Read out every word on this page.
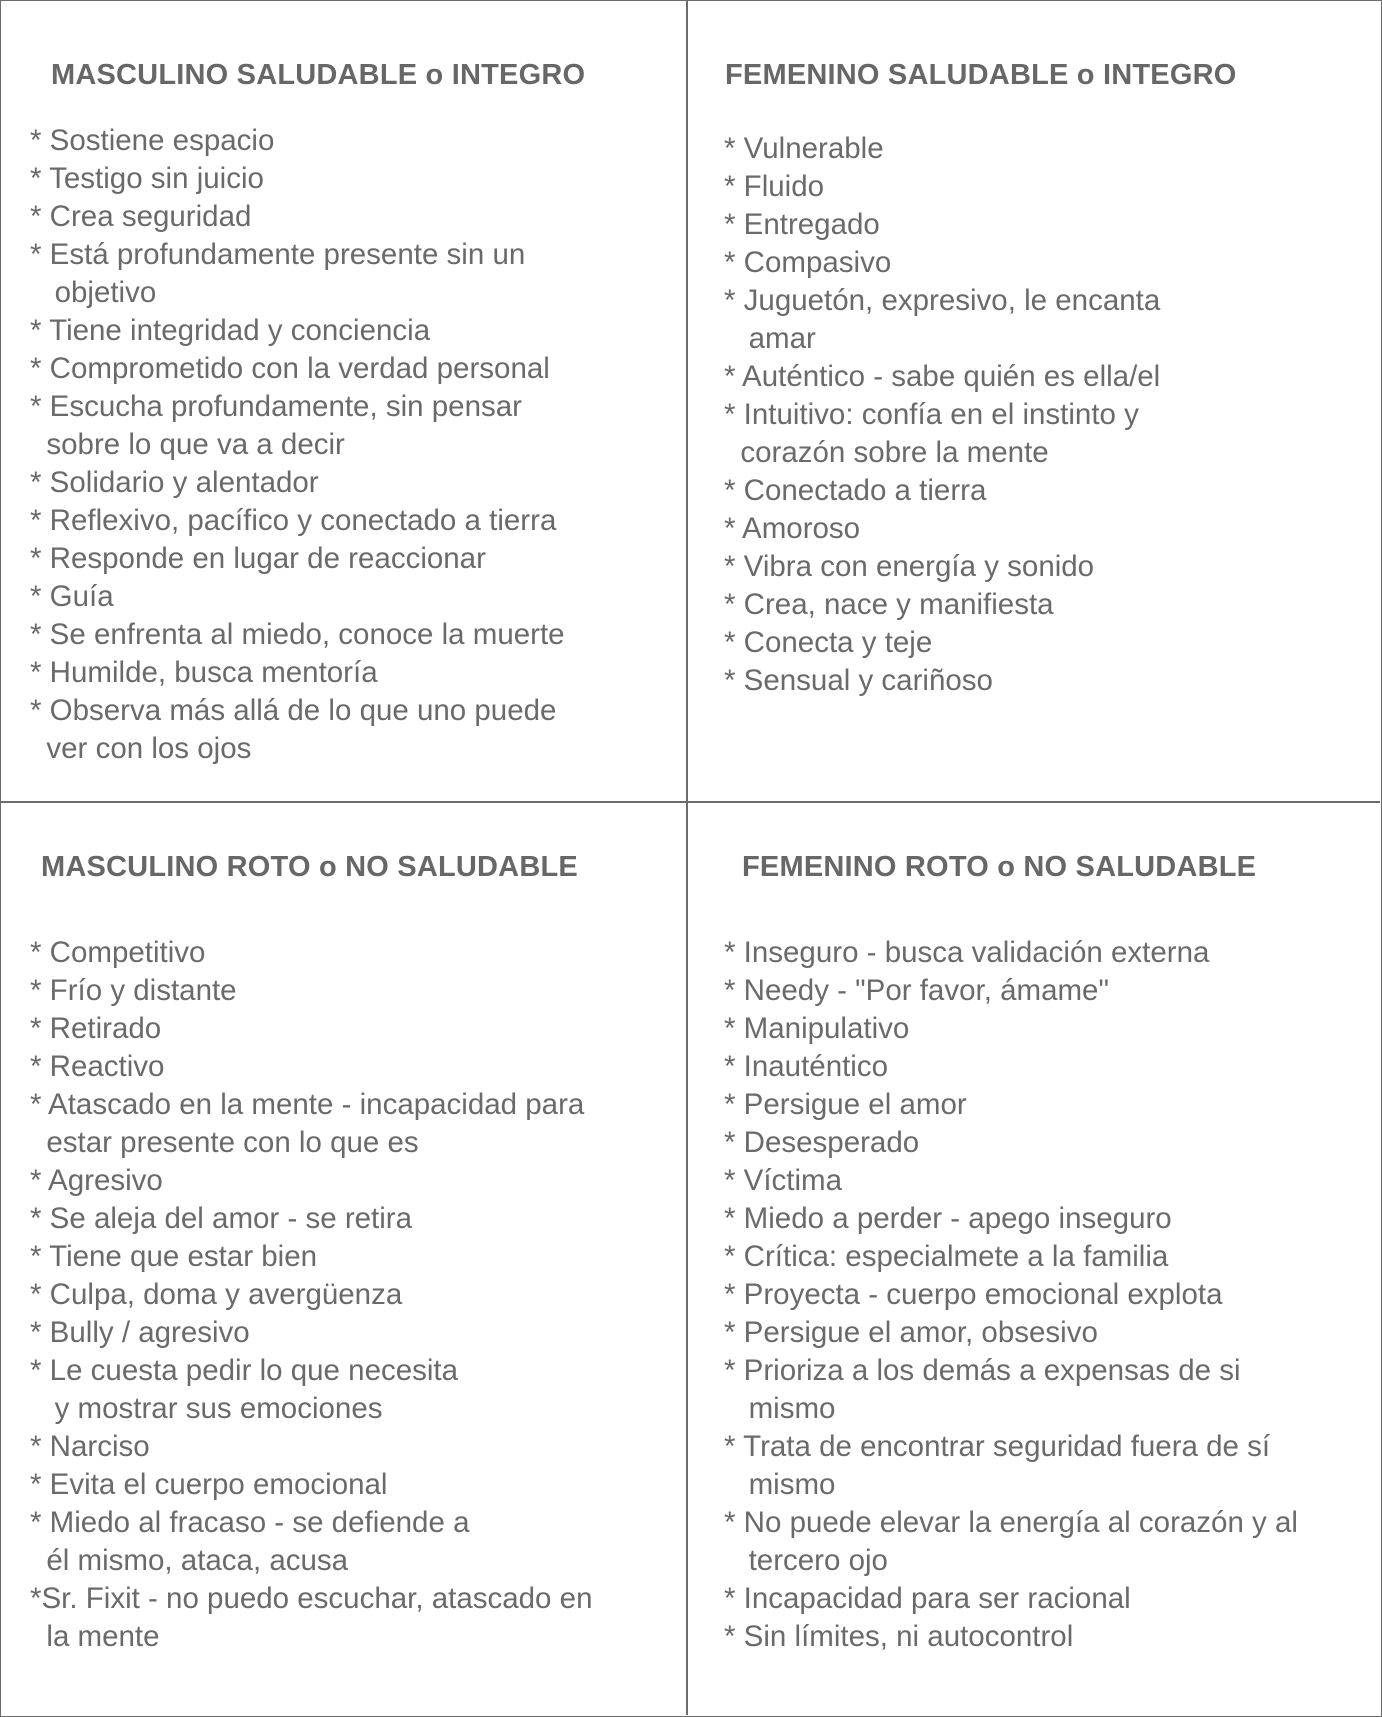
MASCULINO SALUDABLE o INTEGRO
* Sostiene espacio
* Testigo sin juicio
* Crea seguridad
* Está profundamente presente sin un
objetivo
* Tiene integridad y conciencia
* Comprometido con la verdad personal
* Escucha profundamente, sin pensar
sobre lo que va a decir
* Solidario y alentador
* Reflexivo, pacífico y conectado a tierra
* Responde en lugar de reaccionar
* Guía
* Se enfrenta al miedo, conoce la muerte
* Humilde, busca mentoría
* Observa más allá de lo que uno puede
ver con los ojos
FEMENINO SALUDABLE o INTEGRO
* Vulnerable
* Fluido
* Entregado
* Compasivo
* Juguetón, expresivo, le encanta
amar
* Auténtico - sabe quién es ella/el
* Intuitivo: confía en el instinto y
corazón sobre la mente
* Conectado a tierra
* Amoroso
* Vibra con energía y sonido
* Crea, nace y manifiesta
* Conecta y teje
* Sensual y cariñoso
MASCULINO ROTO o NO SALUDABLE
* Competitivo
* Frío y distante
* Retirado
* Reactivo
* Atascado en la mente - incapacidad para
estar presente con lo que es
* Agresivo
* Se aleja del amor - se retira
* Tiene que estar bien
* Culpa, doma y avergüenza
* Bully / agresivo
* Le cuesta pedir lo que necesita
y mostrar sus emociones
* Narciso
* Evita el cuerpo emocional
* Miedo al fracaso - se defiende a
él mismo, ataca, acusa
*Sr. Fixit - no puedo escuchar, atascado en
la mente
FEMENINO ROTO o NO SALUDABLE
* Inseguro - busca validación externa
* Needy - "Por favor, ámame"
* Manipulativo
* Inauténtico
* Persigue el amor
* Desesperado
* Víctima
* Miedo a perder - apego inseguro
* Crítica: especialmete a la familia
* Proyecta - cuerpo emocional explota
* Persigue el amor, obsesivo
* Prioriza a los demás a expensas de si
mismo
* Trata de encontrar seguridad fuera de sí
mismo
* No puede elevar la energía al corazón y al
tercero ojo
* Incapacidad para ser racional
* Sin límites, ni autocontrol
